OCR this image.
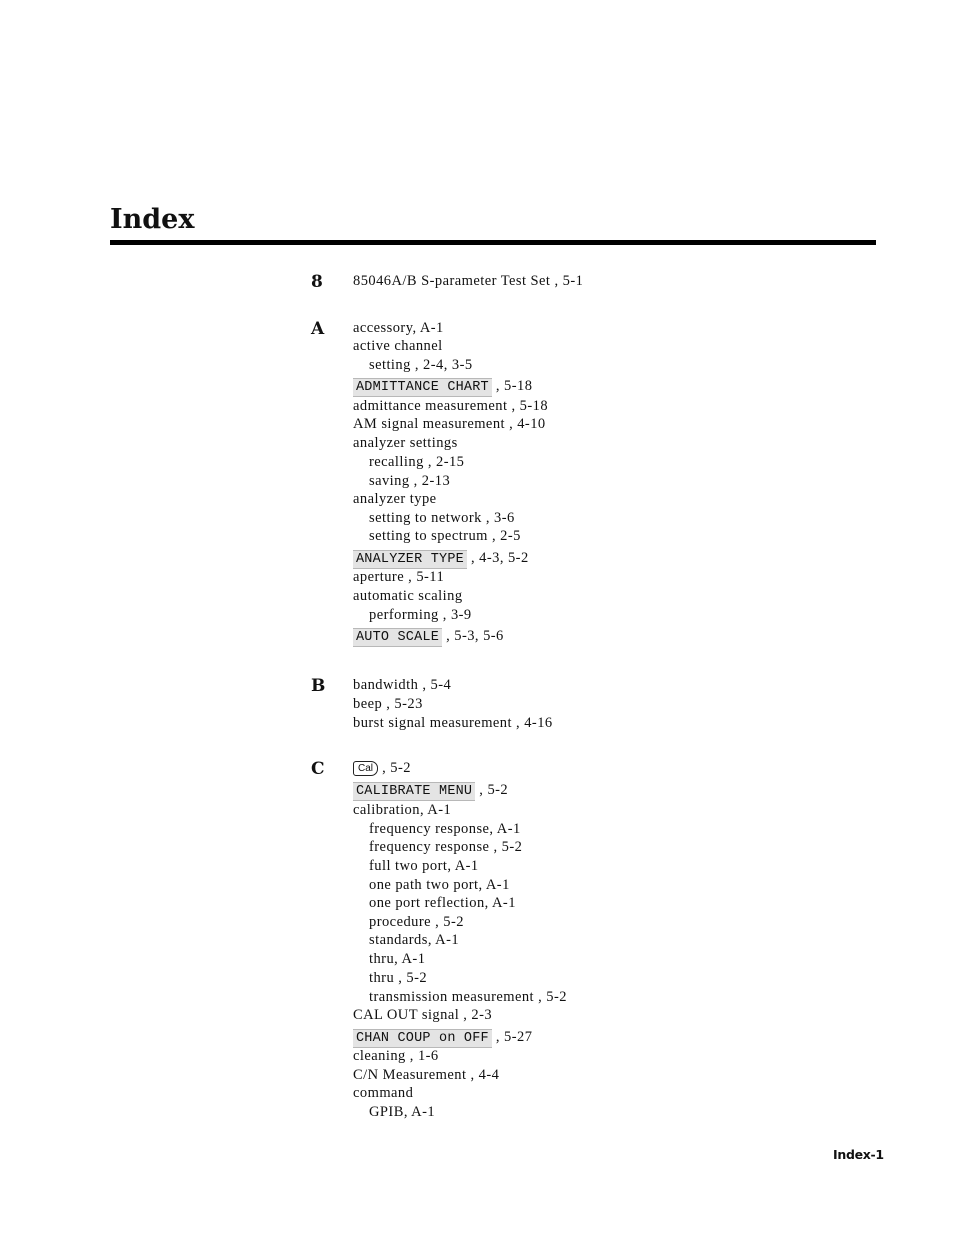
Index
8 85046A/B S-parameter Test Set , 5-1
A accessory, A-1
active channel
setting , 2-4, 3-5
ADMITTANCE CHART , 5-18
admittance measurement , 5-18
AM signal measurement , 4-10
analyzer settings
recalling , 2-15
saving , 2-13
analyzer type
setting to network , 3-6
setting to spectrum , 2-5
ANALYZER TYPE , 4-3, 5-2
aperture , 5-11
automatic scaling
performing , 3-9
AUTO SCALE , 5-3, 5-6
B bandwidth , 5-4
beep , 5-23
burst signal measurement , 4-16
C	Cal , 5-2
CALIBRATE MENU , 5-2
calibration, A-1
frequency response, A-1
frequency response , 5-2
full two port, A-1
one path two port, A-1
one port reflection, A-1
procedure , 5-2
standards, A-1
thru, A-1
thru , 5-2
transmission measurement , 5-2
CAL OUT signal , 2-3
CHAN COUP on OFF , 5-27
cleaning , 1-6
C/N Measurement , 4-4
command
GPIB, A-1
Index-1
